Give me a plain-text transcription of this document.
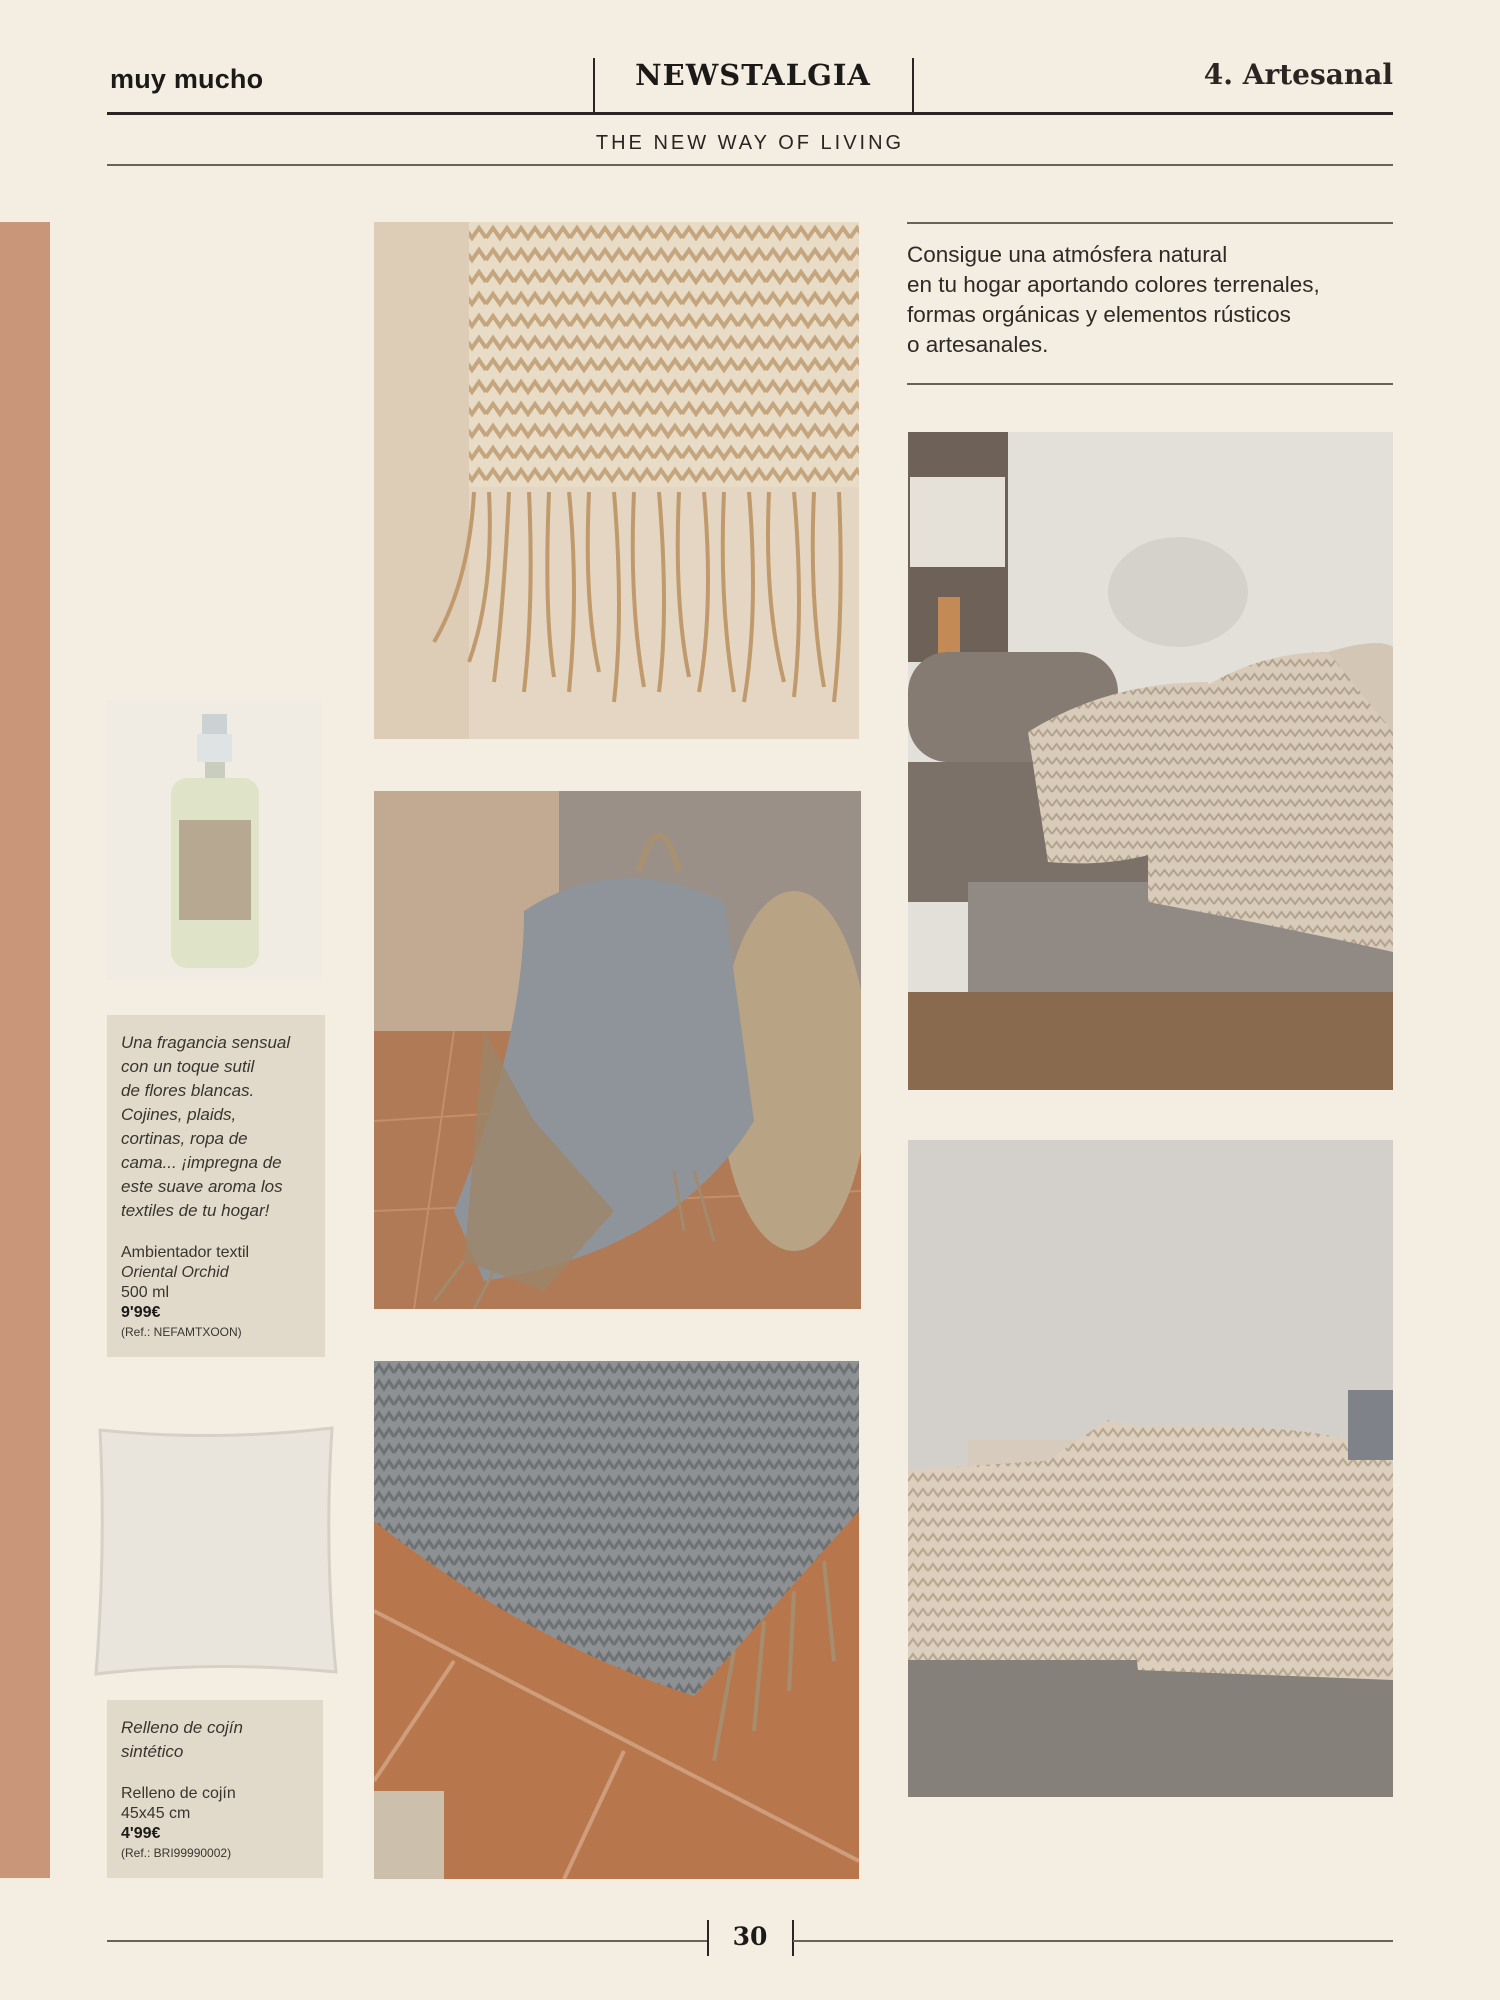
muy mucho	NEWSTALGIA	4. Artesanal
THE NEW WAY OF LIVING
Consigue una atmósfera natural
en tu hogar aportando colores terrenales,
formas orgánicas y elementos rústicos
o artesanales.
Una fragancia sensual
con un toque sutil
de flores blancas.
Cojines, plaids,
cortinas, ropa de
cama... ¡impregna de
este suave aroma los
textiles de tu hogar!
Ambientador textil
Oriental Orchid
500 ml
9'99€
(Ref.: NEFAMTXOON)
Relleno de cojín
sintético
Relleno de cojín
45x45 cm
4'99€
(Ref.: BRI99990002)
30
